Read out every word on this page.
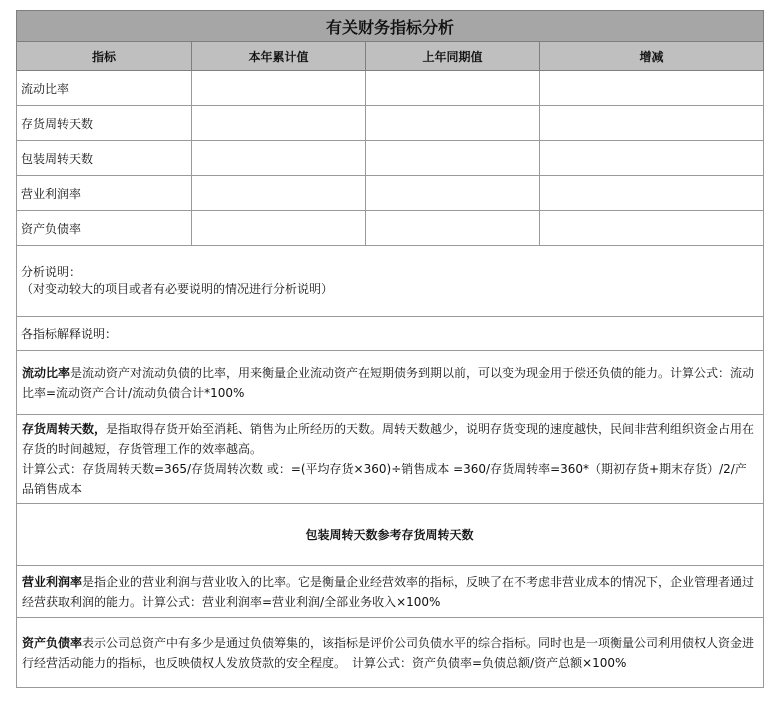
有关财务指标分析			
指标	本年累计值	上年同期值	增减
流动比率			
存货周转天数			
包装周转天数			
营业利润率			
资产负债率			

分析说明：
（对变动较大的项目或者有必要说明的情况进行分析说明）			
各指标解释说明：			
流动比率是流动资产对流动负债的比率，用来衡量企业流动资产在短期债务到期以前，可以变为现金用于偿还负债的能力。计算公式：流动比率=流动资产合计/流动负债合计*100%			
存货周转天数，是指取得存货开始至消耗、销售为止所经历的天数。周转天数越少，说明存货变现的速度越快，民间非营利组织资金占用在存货的时间越短，存货管理工作的效率越高。
计算公式：存货周转天数=365/存货周转次数 或：=(平均存货×360)÷销售成本 =360/存货周转率=360*（期初存货+期末存货）/2/产品销售成本			
包装周转天数参考存货周转天数			
营业利润率是指企业的营业利润与营业收入的比率。它是衡量企业经营效率的指标，反映了在不考虑非营业成本的情况下，企业管理者通过经营获取利润的能力。计算公式：营业利润率=营业利润/全部业务收入×100%			
资产负债率表示公司总资产中有多少是通过负债筹集的，该指标是评价公司负债水平的综合指标。同时也是一项衡量公司利用债权人资金进行经营活动能力的指标，也反映债权人发放贷款的安全程度。　计算公式：资产负债率=负债总额/资产总额×100%			
